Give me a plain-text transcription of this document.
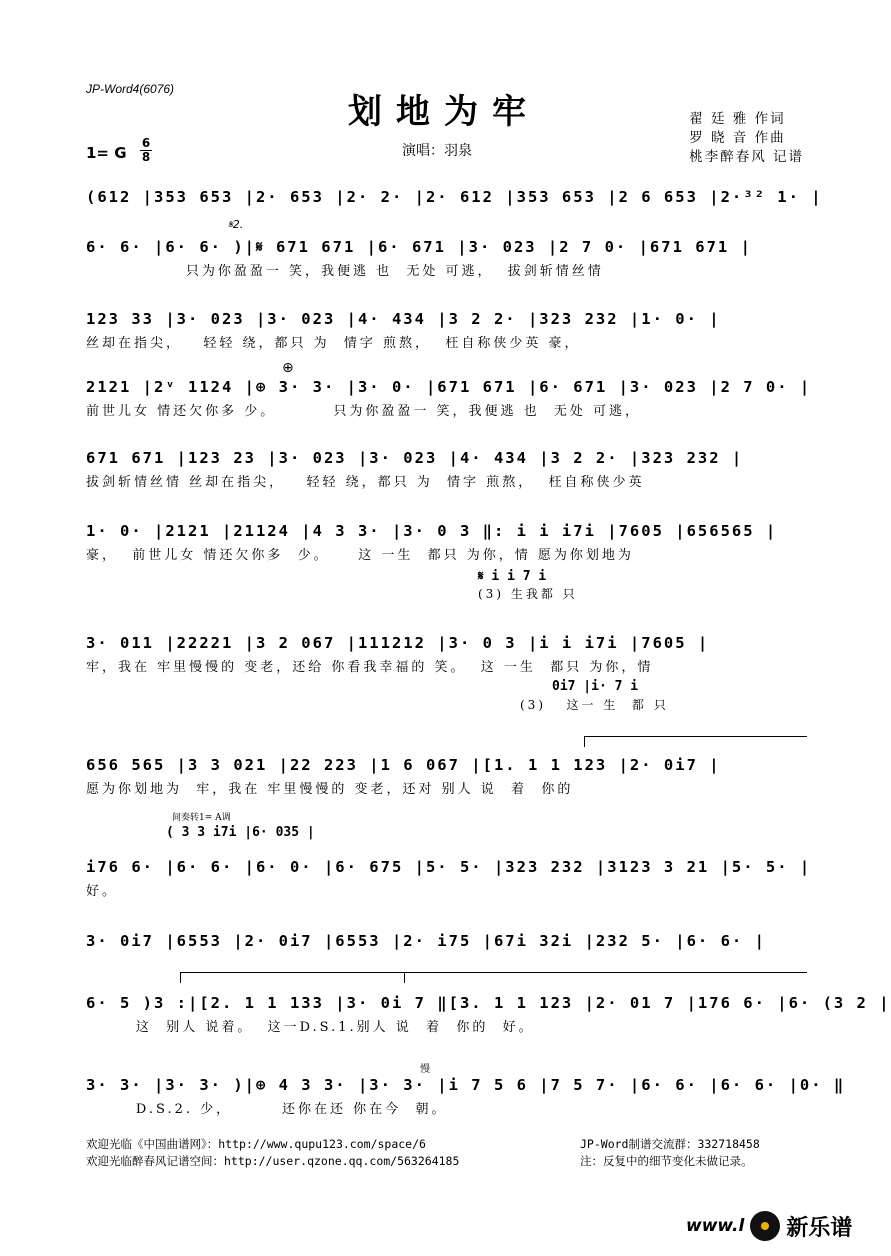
JP-Word4(6076)
划地为牢	翟 廷 雅 作词
罗 晓 音 作曲
桃李醉春风 记谱
1= G
6
8	演唱：羽泉
(612 |353 653 |2· 653 |2· 2· |2· 612 |353 653 |2 6 653 |2·³² 1· |
𝄋2.
6· 6· |6· 6· )|𝄋 671 671 |6· 671 |3· 023 |2 7 0· |671 671 |
只为你盈盈一 笑，我便逃 也  无处 可逃，  拔剑斩情丝情
123 33 |3· 023 |3· 023 |4· 434 |3 2 2· |323 232 |1· 0· |
丝却在指尖，   轻轻 绕，都只 为  情字 煎熬，  枉自称侠少英 豪，
⊕
2121 |2ᵛ 1124 |⊕ 3· 3· |3· 0· |671 671 |6· 671 |3· 023 |2 7 0· |
前世儿女 情还欠你多 少。        只为你盈盈一 笑，我便逃 也  无处 可逃，
671 671 |123 23 |3· 023 |3· 023 |4· 434 |3 2 2· |323 232 |
拔剑斩情丝情 丝却在指尖，   轻轻 绕，都只 为  情字 煎熬，  枉自称侠少英
1· 0· |2121 |21124 |4 3 3· |3· 0 3 ‖: i i i7i |7605 |656565 |
豪，  前世儿女 情还欠你多  少。    这 一生  都只 为你，情 愿为你划地为
𝄋 i i 7 i
(3) 生我都 只
3· 011 |22221 |3 2 067 |111212 |3· 0 3 |i i i7i |7605 |
牢，我在 牢里慢慢的 变老，还给 你看我幸福的 笑。  这 一生  都只 为你，情
0i7 |i· 7 i
(3)   这一 生  都 只
656 565 |3 3 021 |22 223 |1 6 067 |[1. 1 1 123 |2· 0i7 |
愿为你划地为  牢，我在 牢里慢慢的 变老，还对 别人 说  着  你的
间奏转1= A调
( 3 3 i7i |6· 035 |
i76 6· |6· 6· |6· 0· |6· 675 |5· 5· |323 232 |3123 3 21 |5· 5· |
好。
3· 0i7 |6553 |2· 0i7 |6553 |2· i75 |67i 32i |232 5· |6· 6· |
6· 5 )3 :|[2. 1 1 133 |3· 0i 7 ‖[3. 1 1 123 |2· 01 7 |176 6· |6· (3 2 |
这  别人 说着。  这一D.S.1.别人 说  着  你的  好。
慢
3· 3· |3· 3· )|⊕ 4 3 3· |3· 3· |i 7 5 6 |7 5 7· |6· 6· |6· 6· |0· ‖
D.S.2. 少，       还你在还 你在今  朝。
欢迎光临《中国曲谱网》：http://www.qupu123.com/space/6
欢迎光临醉春风记谱空间：http://user.qzone.qq.com/563264185
JP-Word制谱交流群：332718458
注：反复中的细节变化未做记录。
www.l 新乐谱
